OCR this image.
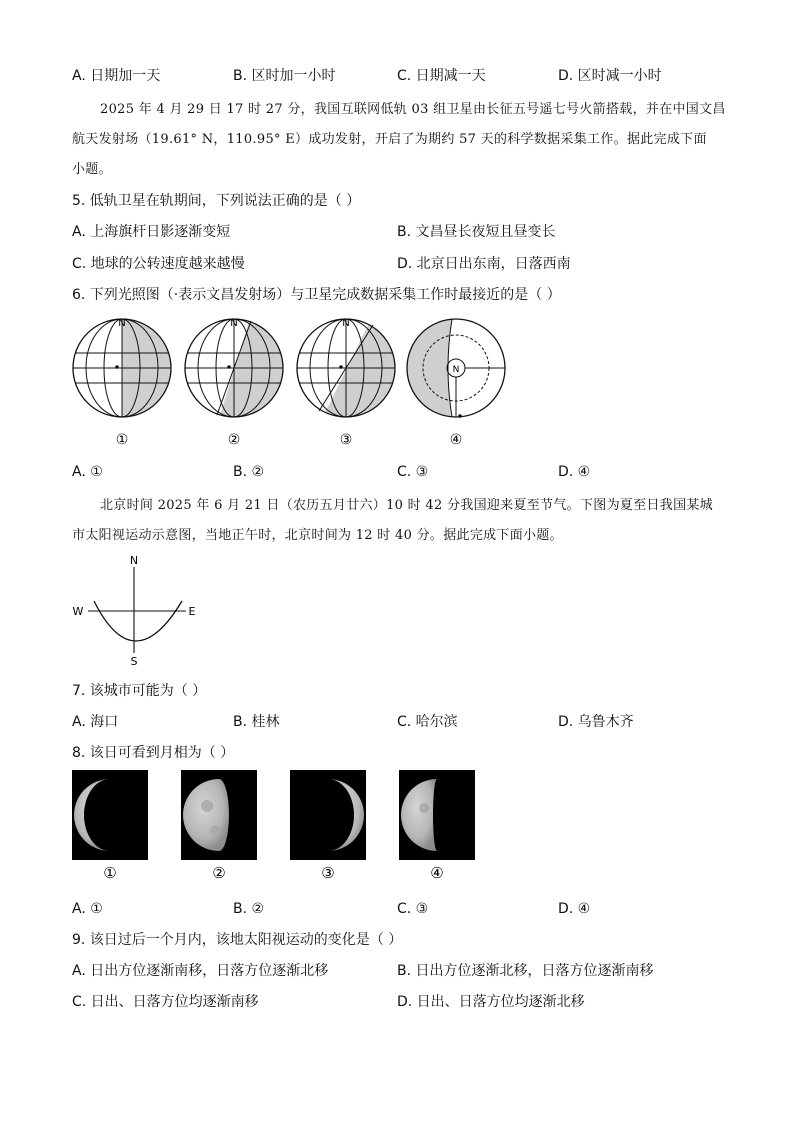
A. 日期加一天	B. 区时加一小时	C. 日期减一天	D. 区时减一小时
2025 年 4 月 29 日 17 时 27 分，我国互联网低轨 03 组卫星由长征五号遥七号火箭搭载，并在中国文昌
航天发射场（19.61° N，110.95° E）成功发射，开启了为期约 57 天的科学数据采集工作。据此完成下面
小题。
5. 低轨卫星在轨期间，下列说法正确的是（ ）
A. 上海旗杆日影逐渐变短	B. 文昌昼长夜短且昼变长
C. 地球的公转速度越来越慢	D. 北京日出东南，日落西南
6. 下列光照图（·表示文昌发射场）与卫星完成数据采集工作时最接近的是（ ）
N	N	N
N
①	②	③	④
A. ①	B. ②	C. ③	D. ④
北京时间 2025 年 6 月 21 日（农历五月廿六）10 时 42 分我国迎来夏至节气。下图为夏至日我国某城
市太阳视运动示意图，当地正午时，北京时间为 12 时 40 分。据此完成下面小题。
N
S
W	E
7. 该城市可能为（ ）
A. 海口	B. 桂林	C. 哈尔滨	D. 乌鲁木齐
8. 该日可看到月相为（ ）
①	②	③	④
A. ①	B. ②	C. ③	D. ④
9. 该日过后一个月内，该地太阳视运动的变化是（ ）
A. 日出方位逐渐南移，日落方位逐渐北移	B. 日出方位逐渐北移，日落方位逐渐南移
C. 日出、日落方位均逐渐南移	D. 日出、日落方位均逐渐北移
